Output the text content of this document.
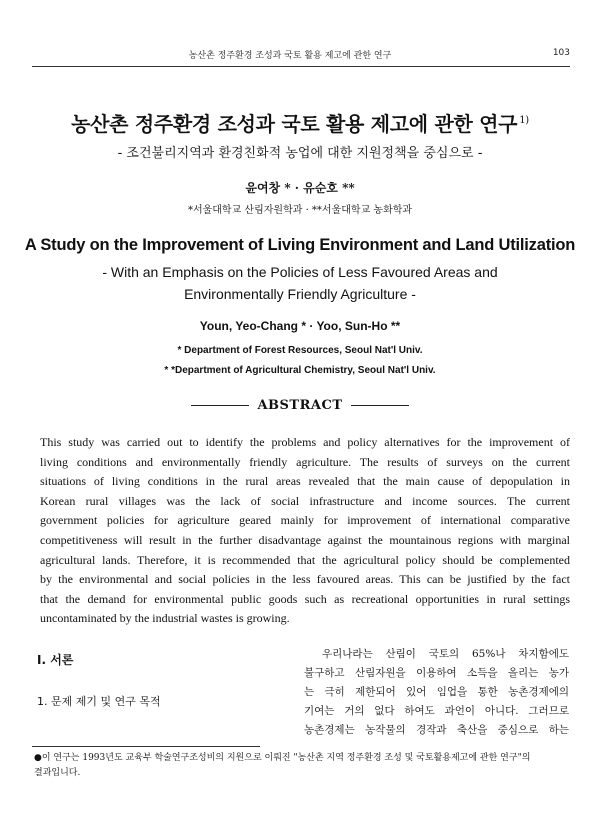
농산촌 정주환경 조성과 국토 활용 제고에 관한 연구	103
농산촌 정주환경 조성과 국토 활용 제고에 관한 연구 $^{1)}$
- 조건불리지역과 환경친화적 농업에 대한 지원정책을 중심으로 -
윤여창 * · 유순호 **
*서울대학교 산림자원학과 · **서울대학교 농화학과
A Study on the Improvement of Living Environment and Land Utilization
- With an Emphasis on the Policies of Less Favoured Areas and
Environmentally Friendly Agriculture -
Youn, Yeo-Chang * · Yoo, Sun-Ho **
* Department of Forest Resources, Seoul Nat'l Univ.
* *Department of Agricultural Chemistry, Seoul Nat'l Univ.
ABSTRACT
This study was carried out to identify the problems and policy alternatives for the improvement of
living conditions and environmentally friendly agriculture. The results of surveys on the current
situations of living conditions in the rural areas revealed that the main cause of depopulation in
Korean rural villages was the lack of social infrastructure and income sources. The current
government policies for agriculture geared mainly for improvement of international comparative
competitiveness will result in the further disadvantage against the mountainous regions with marginal
agricultural lands. Therefore, it is recommended that the agricultural policy should be complemented
by the environmental and social policies in the less favoured areas. This can be justified by the fact
that the demand for environmental public goods such as recreational opportunities in rural settings
uncontaminated by the industrial wastes is growing.
Ⅰ. 서론
1. 문제 제기 및 연구 목적
우리나라는 산림이 국토의 65%나 차지함에도
불구하고 산림자원을 이용하여 소득을 올리는 농가
는 극히 제한되어 있어 임업을 통한 농촌경제에의
기여는 거의 없다 하여도 과언이 아니다. 그러므로
농촌경제는 농작물의 경작과 축산을 중심으로 하는
●이 연구는 1993년도 교육부 학술연구조성비의 지원으로 이뤄진 "농산촌 지역 정주환경 조성 및 국토활용제고에 관한 연구"의
결과입니다.
